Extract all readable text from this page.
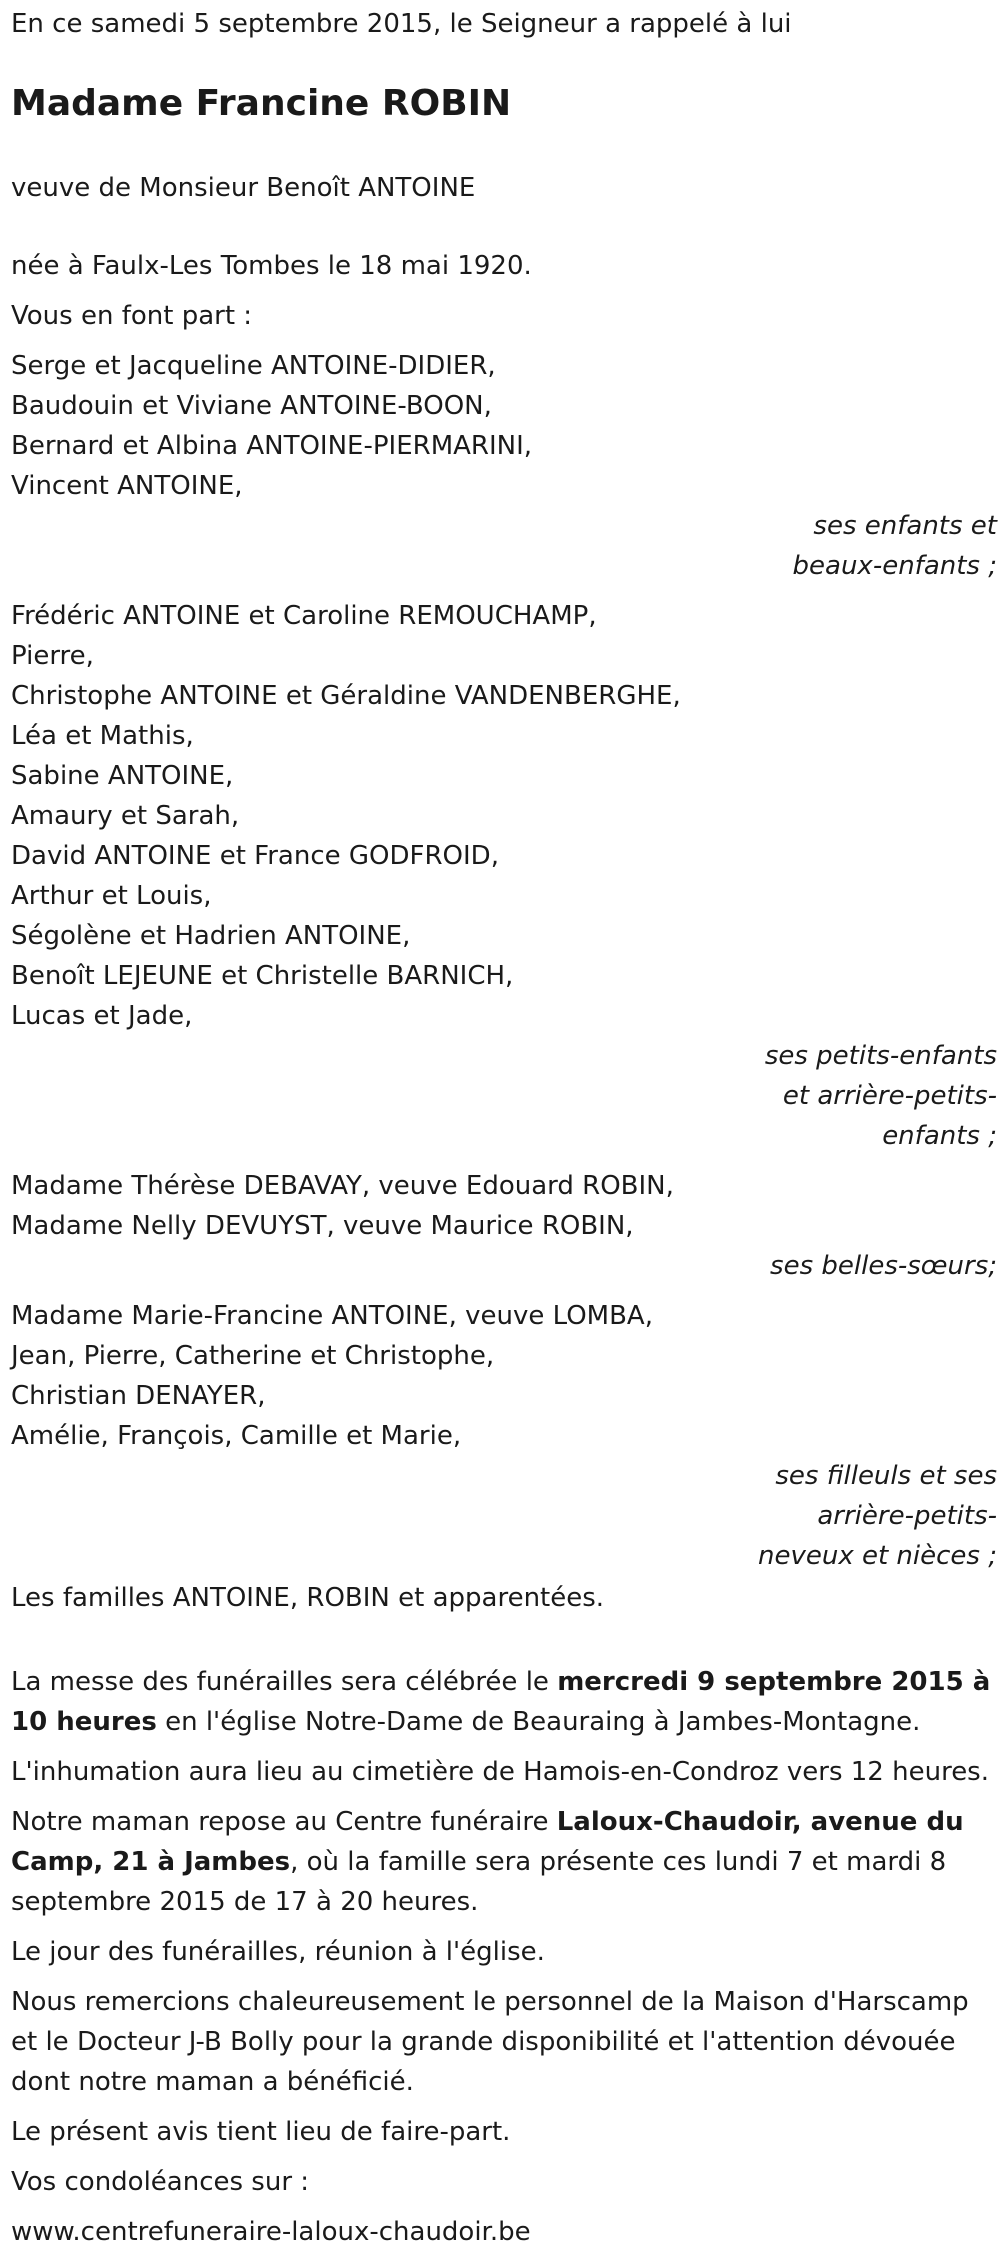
En ce samedi 5 septembre 2015, le Seigneur a rappelé à lui

Madame Francine ROBIN

veuve de Monsieur Benoît ANTOINE

née à Faulx-Les Tombes le 18 mai 1920.

Vous en font part :

Serge et Jacqueline ANTOINE-DIDIER,

Baudouin et Viviane ANTOINE-BOON,

Bernard et Albina ANTOINE-PIERMARINI,

Vincent ANTOINE,

ses enfants et

beaux-enfants ;

Frédéric ANTOINE et Caroline REMOUCHAMP,

Pierre,

Christophe ANTOINE et Géraldine VANDENBERGHE,

Léa et Mathis,

Sabine ANTOINE,

Amaury et Sarah,

David ANTOINE et France GODFROID,

Arthur et Louis,

Ségolène et Hadrien ANTOINE,

Benoît LEJEUNE et Christelle BARNICH,

Lucas et Jade,

ses petits-enfants

et arrière-petits-

enfants ;

Madame Thérèse DEBAVAY, veuve Edouard ROBIN,

Madame Nelly DEVUYST, veuve Maurice ROBIN,

ses belles-sœurs;

Madame Marie-Francine ANTOINE, veuve LOMBA,

Jean, Pierre, Catherine et Christophe,

Christian DENAYER,

Amélie, François, Camille et Marie,

ses filleuls et ses

arrière-petits-

neveux et nièces ;

Les familles ANTOINE, ROBIN et apparentées.

La messe des funérailles sera célébrée le mercredi 9 septembre 2015 à 10 heures en l'église Notre-Dame de Beauraing à Jambes-Montagne.

L'inhumation aura lieu au cimetière de Hamois-en-Condroz vers 12 heures.

Notre maman repose au Centre funéraire Laloux-Chaudoir, avenue du Camp, 21 à Jambes, où la famille sera présente ces lundi 7 et mardi 8 septembre 2015 de 17 à 20 heures.

Le jour des funérailles, réunion à l'église.

Nous remercions chaleureusement le personnel de la Maison d'Harscamp et le Docteur J-B Bolly pour la grande disponibilité et l'attention dévouée dont notre maman a bénéficié.

Le présent avis tient lieu de faire-part.

Vos condoléances sur :

www.centrefuneraire-laloux-chaudoir.be
